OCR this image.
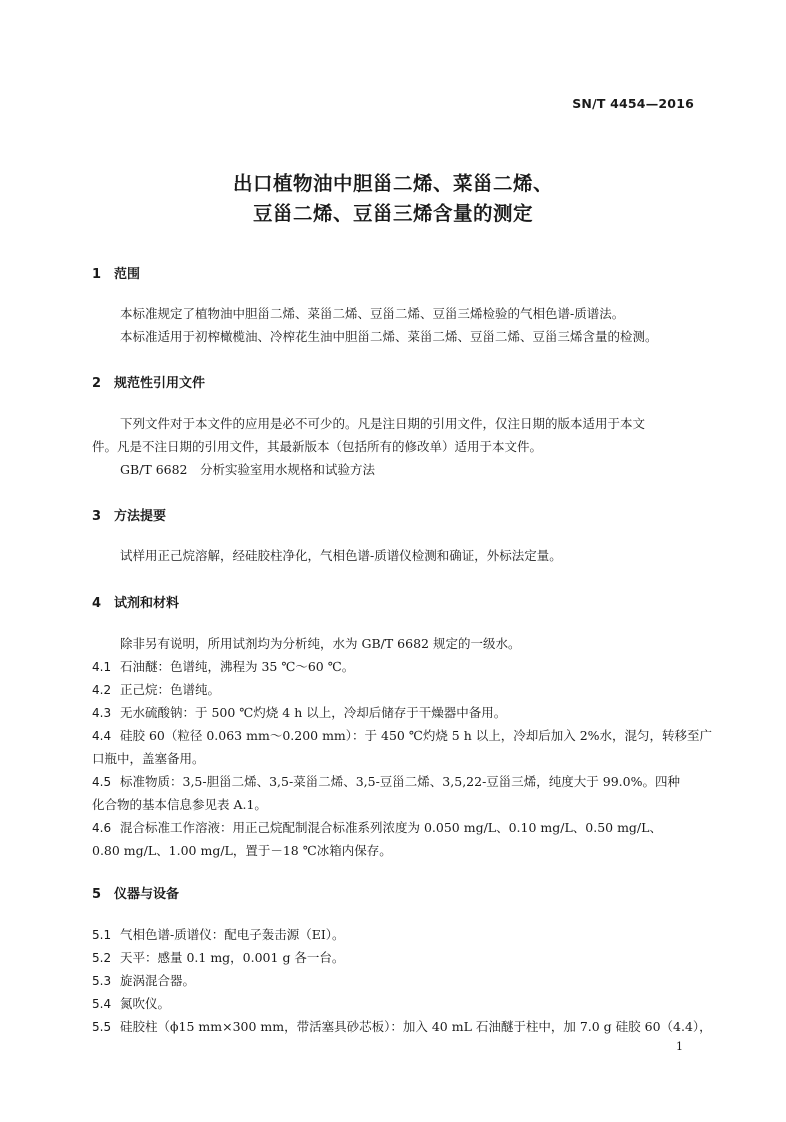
SN/T 4454—2016
出口植物油中胆甾二烯、菜甾二烯、
豆甾二烯、豆甾三烯含量的测定
1 范围
本标准规定了植物油中胆甾二烯、菜甾二烯、豆甾二烯、豆甾三烯检验的气相色谱-质谱法。
本标准适用于初榨橄榄油、冷榨花生油中胆甾二烯、菜甾二烯、豆甾二烯、豆甾三烯含量的检测。
2 规范性引用文件
下列文件对于本文件的应用是必不可少的。凡是注日期的引用文件，仅注日期的版本适用于本文
件。凡是不注日期的引用文件，其最新版本（包括所有的修改单）适用于本文件。
GB/T 6682　分析实验室用水规格和试验方法
3 方法提要
试样用正己烷溶解，经硅胶柱净化，气相色谱-质谱仪检测和确证，外标法定量。
4 试剂和材料
除非另有说明，所用试剂均为分析纯，水为 GB/T 6682 规定的一级水。
4.1 石油醚：色谱纯，沸程为 35 ℃～60 ℃。
4.2 正己烷：色谱纯。
4.3 无水硫酸钠：于 500 ℃灼烧 4 h 以上，冷却后储存于干燥器中备用。
4.4 硅胶 60（粒径 0.063 mm～0.200 mm）：于 450 ℃灼烧 5 h 以上，冷却后加入 2%水，混匀，转移至广
口瓶中，盖塞备用。
4.5 标准物质：3,5-胆甾二烯、3,5-菜甾二烯、3,5-豆甾二烯、3,5,22-豆甾三烯，纯度大于 99.0%。四种
化合物的基本信息参见表 A.1。
4.6 混合标准工作溶液：用正己烷配制混合标准系列浓度为 0.050 mg/L、0.10 mg/L、0.50 mg/L、
0.80 mg/L、1.00 mg/L，置于－18 ℃冰箱内保存。
5 仪器与设备
5.1 气相色谱-质谱仪：配电子轰击源（EI）。
5.2 天平：感量 0.1 mg，0.001 g 各一台。
5.3 旋涡混合器。
5.4 氮吹仪。
5.5 硅胶柱（ϕ15 mm×300 mm，带活塞具砂芯板）：加入 40 mL 石油醚于柱中，加 7.0 g 硅胶 60（4.4），
1
